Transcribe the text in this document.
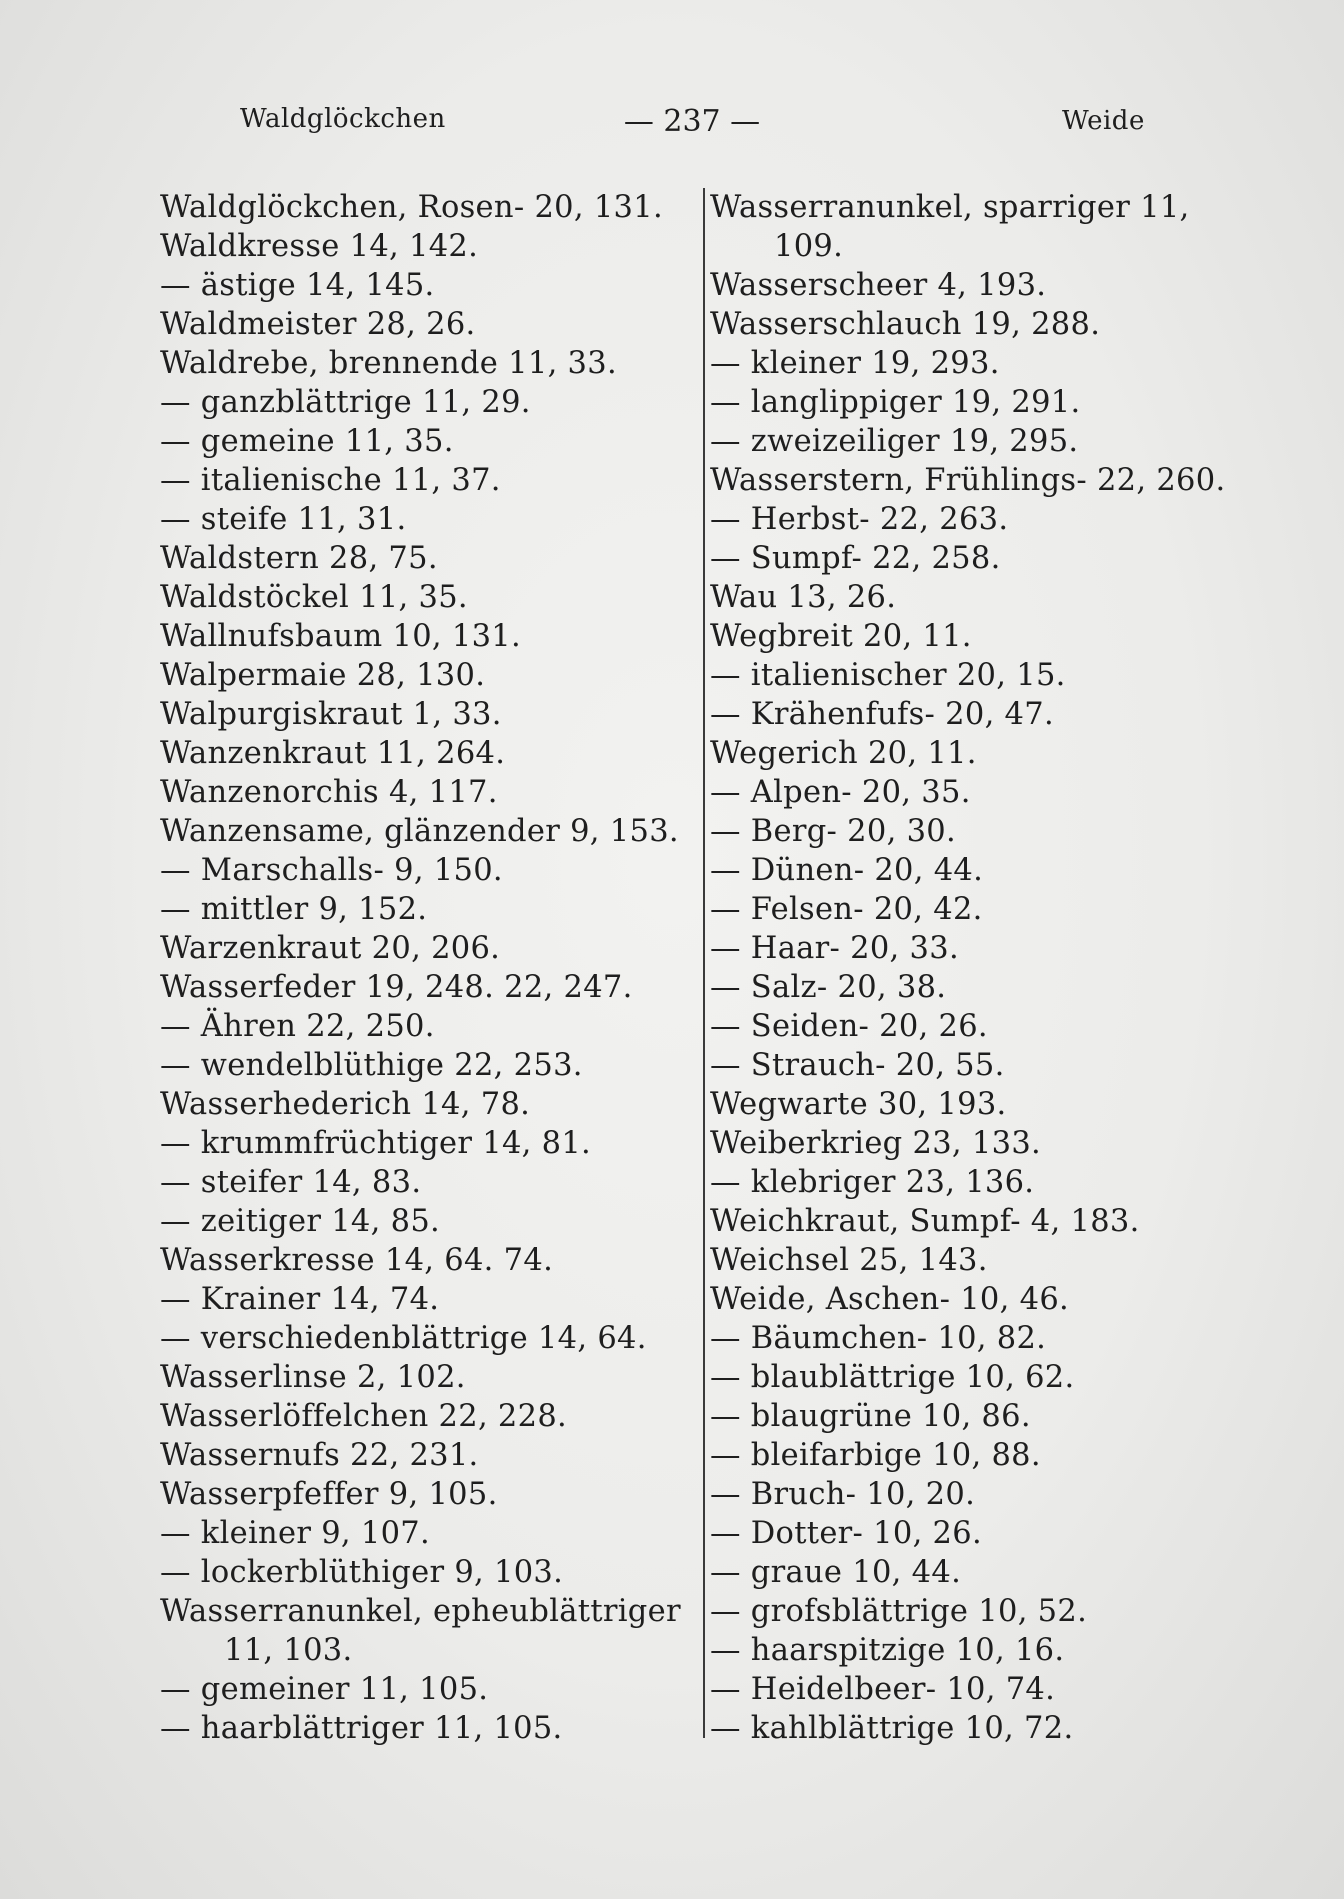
Waldglöckchen	— 237 —	Weide
Waldglöckchen, Rosen- 20, 131.
Waldkresse 14, 142.
— ästige 14, 145.
Waldmeister 28, 26.
Waldrebe, brennende 11, 33.
— ganzblättrige 11, 29.
— gemeine 11, 35.
— italienische 11, 37.
— steife 11, 31.
Waldstern 28, 75.
Waldstöckel 11, 35.
Wallnufsbaum 10, 131.
Walpermaie 28, 130.
Walpurgiskraut 1, 33.
Wanzenkraut 11, 264.
Wanzenorchis 4, 117.
Wanzensame, glänzender 9, 153.
— Marschalls- 9, 150.
— mittler 9, 152.
Warzenkraut 20, 206.
Wasserfeder 19, 248. 22, 247.
— Ähren 22, 250.
— wendelblüthige 22, 253.
Wasserhederich 14, 78.
— krummfrüchtiger 14, 81.
— steifer 14, 83.
— zeitiger 14, 85.
Wasserkresse 14, 64. 74.
— Krainer 14, 74.
— verschiedenblättrige 14, 64.
Wasserlinse 2, 102.
Wasserlöffelchen 22, 228.
Wassernufs 22, 231.
Wasserpfeffer 9, 105.
— kleiner 9, 107.
— lockerblüthiger 9, 103.
Wasserranunkel, epheublättriger
11, 103.
— gemeiner 11, 105.
— haarblättriger 11, 105.
Wasserranunkel, sparriger 11,
109.
Wasserscheer 4, 193.
Wasserschlauch 19, 288.
— kleiner 19, 293.
— langlippiger 19, 291.
— zweizeiliger 19, 295.
Wasserstern, Frühlings- 22, 260.
— Herbst- 22, 263.
— Sumpf- 22, 258.
Wau 13, 26.
Wegbreit 20, 11.
— italienischer 20, 15.
— Krähenfufs- 20, 47.
Wegerich 20, 11.
— Alpen- 20, 35.
— Berg- 20, 30.
— Dünen- 20, 44.
— Felsen- 20, 42.
— Haar- 20, 33.
— Salz- 20, 38.
— Seiden- 20, 26.
— Strauch- 20, 55.
Wegwarte 30, 193.
Weiberkrieg 23, 133.
— klebriger 23, 136.
Weichkraut, Sumpf- 4, 183.
Weichsel 25, 143.
Weide, Aschen- 10, 46.
— Bäumchen- 10, 82.
— blaublättrige 10, 62.
— blaugrüne 10, 86.
— bleifarbige 10, 88.
— Bruch- 10, 20.
— Dotter- 10, 26.
— graue 10, 44.
— grofsblättrige 10, 52.
— haarspitzige 10, 16.
— Heidelbeer- 10, 74.
— kahlblättrige 10, 72.
